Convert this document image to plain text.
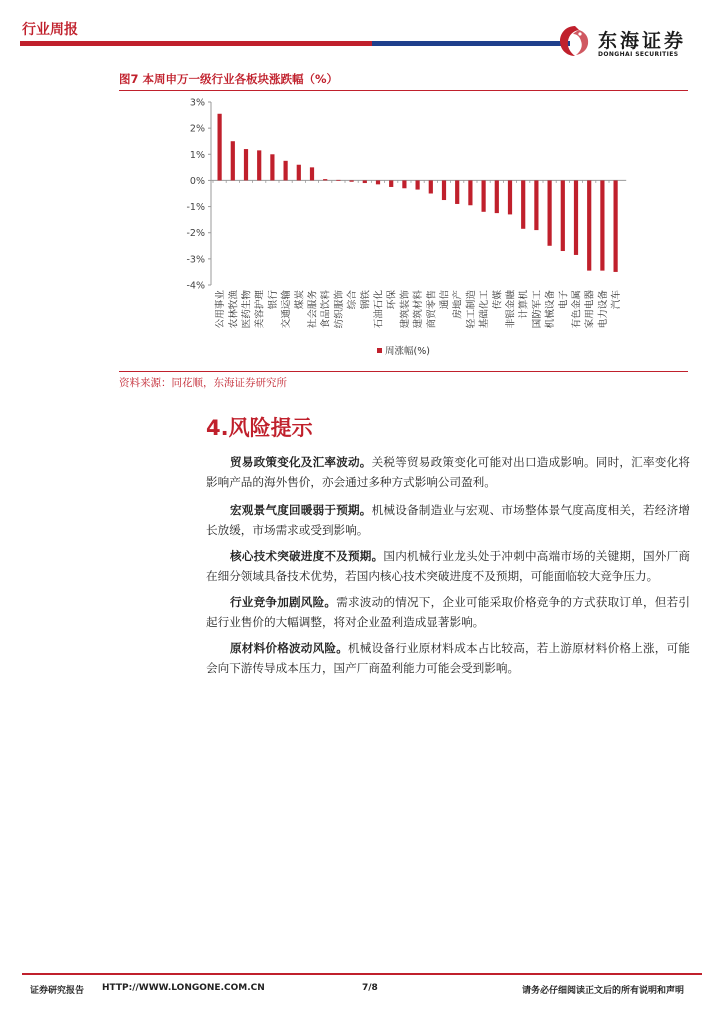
行业周报	东海证券
DONGHAI SECURITIES
图7 本周申万一级行业各板块涨跌幅（%）
3%
2%
1%
0%
-1%
-2%
-3%
-4%
公用事业 农林牧渔 医药生物 美容护理 银行 交通运输 煤炭 社会服务 食品饮料 纺织服饰 综合 钢铁 石油石化 环保 建筑装饰 建筑材料 商贸零售 通信 房地产 轻工制造 基础化工 传媒 非银金融 计算机 国防军工 机械设备 电子 有色金属 家用电器 电力设备 汽车
周涨幅(%)
资料来源：同花顺，东海证券研究所
4.风险提示
贸易政策变化及汇率波动。关税等贸易政策变化可能对出口造成影响。同时，汇率变化将影响产品的海外售价，亦会通过多种方式影响公司盈利。
宏观景气度回暖弱于预期。机械设备制造业与宏观、市场整体景气度高度相关，若经济增长放缓，市场需求或受到影响。
核心技术突破进度不及预期。国内机械行业龙头处于冲刺中高端市场的关键期，国外厂商在细分领域具备技术优势，若国内核心技术突破进度不及预期，可能面临较大竞争压力。
行业竞争加剧风险。需求波动的情况下，企业可能采取价格竞争的方式获取订单，但若引起行业售价的大幅调整，将对企业盈利造成显著影响。
原材料价格波动风险。机械设备行业原材料成本占比较高，若上游原材料价格上涨，可能会向下游传导成本压力，国产厂商盈利能力可能会受到影响。
证券研究报告 HTTP://WWW.LONGONE.COM.CN	7/8	请务必仔细阅读正文后的所有说明和声明
